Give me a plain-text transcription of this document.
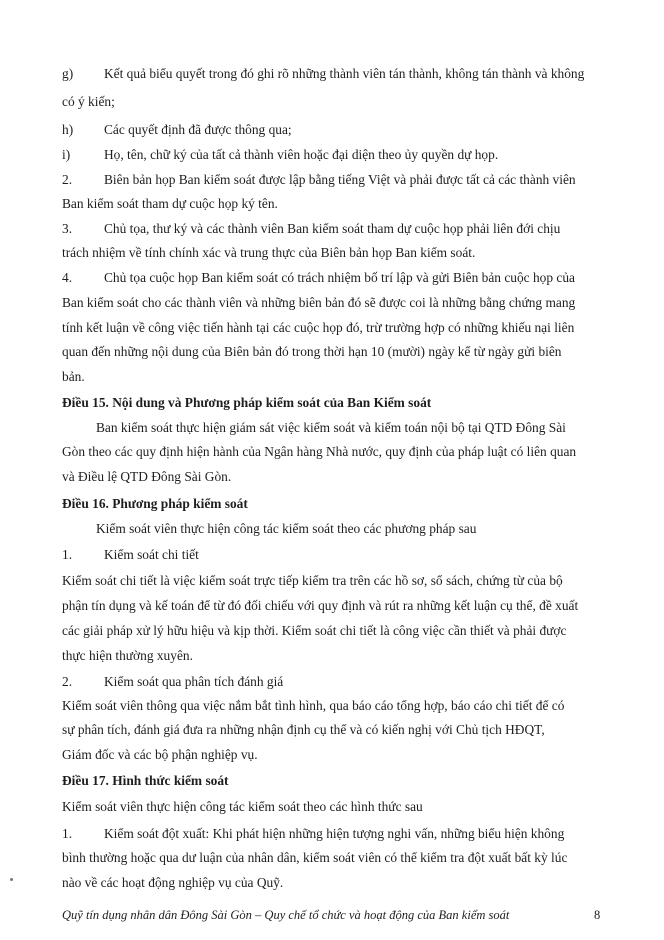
g) Kết quả biểu quyết trong đó ghi rõ những thành viên tán thành, không tán thành và không
có ý kiến;
h) Các quyết định đã được thông qua;
i)	Họ, tên, chữ ký của tất cả thành viên hoặc đại diện theo ủy quyền dự họp.
2. Biên bản họp Ban kiểm soát được lập bằng tiếng Việt và phải được tất cả các thành viên
Ban kiểm soát tham dự cuộc họp ký tên.
3. Chủ tọa, thư ký và các thành viên Ban kiểm soát tham dự cuộc họp phải liên đới chịu
trách nhiệm về tính chính xác và trung thực của Biên bản họp Ban kiểm soát.
4. Chủ tọa cuộc họp Ban kiểm soát có trách nhiệm bố trí lập và gửi Biên bản cuộc họp của
Ban kiểm soát cho các thành viên và những biên bản đó sẽ được coi là những bằng chứng mang
tính kết luận về công việc tiến hành tại các cuộc họp đó, trừ trường hợp có những khiếu nại liên
quan đến những nội dung của Biên bản đó trong thời hạn 10 (mười) ngày kể từ ngày gửi biên
bản.
Điều 15. Nội dung và Phương pháp kiểm soát của Ban Kiểm soát
Ban kiểm soát thực hiện giám sát việc kiểm soát và kiểm toán nội bộ tại QTD Đông Sài
Gòn theo các quy định hiện hành của Ngân hàng Nhà nước, quy định của pháp luật có liên quan
và Điều lệ QTD Đông Sài Gòn.
Điều 16. Phương pháp kiểm soát
Kiểm soát viên thực hiện công tác kiểm soát theo các phương pháp sau
1. Kiểm soát chi tiết
Kiểm soát chi tiết là việc kiểm soát trực tiếp kiểm tra trên các hồ sơ, sổ sách, chứng từ của bộ
phận tín dụng và kế toán để từ đó đối chiếu với quy định và rút ra những kết luận cụ thể, đề xuất
các giải pháp xử lý hữu hiệu và kịp thời. Kiểm soát chi tiết là công việc cần thiết và phải được
thực hiện thường xuyên.
2. Kiểm soát qua phân tích đánh giá
Kiểm soát viên thông qua việc nắm bắt tình hình, qua báo cáo tổng hợp, báo cáo chi tiết để có
sự phân tích, đánh giá đưa ra những nhận định cụ thể và có kiến nghị với Chủ tịch HĐQT,
Giám đốc và các bộ phận nghiệp vụ.
Điều 17. Hình thức kiểm soát
Kiểm soát viên thực hiện công tác kiểm soát theo các hình thức sau
1. Kiểm soát đột xuất: Khi phát hiện những hiện tượng nghi vấn, những biểu hiện không
bình thường hoặc qua dư luận của nhân dân, kiểm soát viên có thể kiểm tra đột xuất bất kỳ lúc
nào về các hoạt động nghiệp vụ của Quỹ.
Quỹ tín dụng nhân dân Đông Sài Gòn – Quy chế tổ chức và hoạt động của Ban kiểm soát	8
